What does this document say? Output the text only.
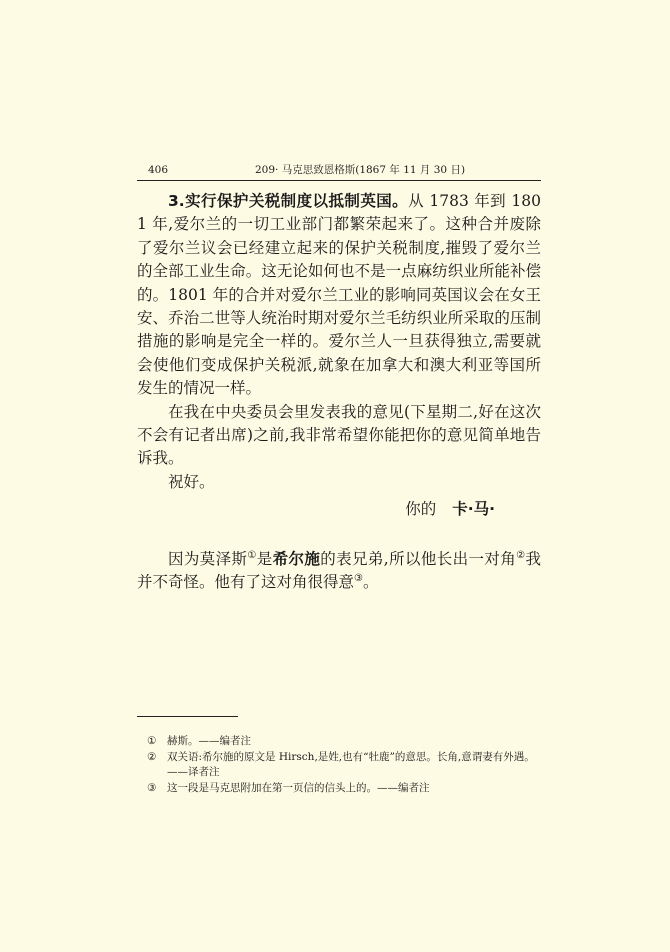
406	209· 马克思致恩格斯(1867 年 11 月 30 日)

3.实行保护关税制度以抵制英国。从 1783 年到 1801 年,爱尔兰的一切工业部门都繁荣起来了。这种合并废除了爱尔兰议会已经建立起来的保护关税制度,摧毁了爱尔兰的全部工业生命。这无论如何也不是一点麻纺织业所能补偿的。1801 年的合并对爱尔兰工业的影响同英国议会在女王安、乔治二世等人统治时期对爱尔兰毛纺织业所采取的压制措施的影响是完全一样的。爱尔兰人一旦获得独立,需要就会使他们变成保护关税派,就象在加拿大和澳大利亚等国所发生的情况一样。

在我在中央委员会里发表我的意见(下星期二,好在这次不会有记者出席)之前,我非常希望你能把你的意见简单地告诉我。

祝好。

你的 卡·马·

因为莫泽斯①是希尔施的表兄弟,所以他长出一对角②我并不奇怪。他有了这对角很得意③。

①	赫斯。——编者注

②	双关语:希尔施的原文是 Hirsch,是姓,也有“牡鹿”的意思。长角,意谓妻有外遇。——译者注

③	这一段是马克思附加在第一页信的信头上的。——编者注
